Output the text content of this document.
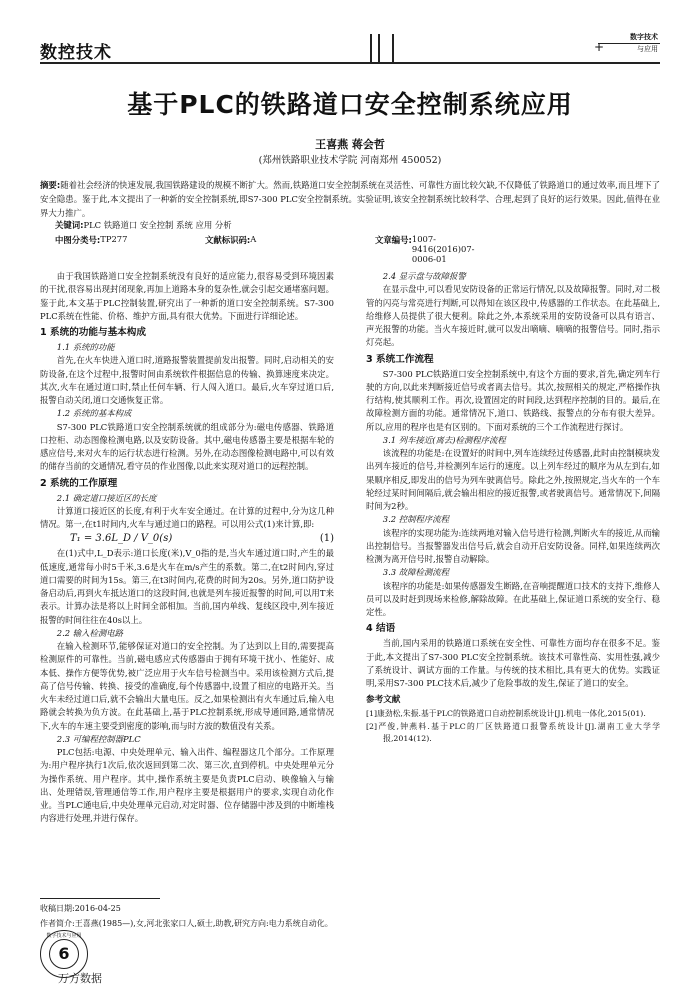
数控技术	+
数字技术
与应用
基于PLC的铁路道口安全控制系统应用
王喜燕 蒋会哲
(郑州铁路职业技术学院 河南郑州 450052)
摘要:随着社会经济的快速发展,我国铁路建设的规模不断扩大。然而,铁路道口安全控制系统在灵活性、可靠性方面比较欠缺,不仅降低了铁路道口的通过效率,而且埋下了安全隐患。鉴于此,本文提出了一种新的安全控制系统,即S7-300 PLC安全控制系统。实验证明,该安全控制系统比较科学、合理,起到了良好的运行效果。因此,值得在业界大力推广。
关键词:PLC 铁路道口 安全控制 系统 应用 分析
中图分类号: TP277	文献标识码: A	文章编号: 1007-9416(2016)07-0006-01

由于我国铁路道口安全控制系统没有良好的适应能力,很容易受到环境因素的干扰,很容易出现封闭现象,再加上道路本身的复杂性,就会引起交通堵塞问题。鉴于此,本文基于PLC控制装置,研究出了一种新的道口安全控制系统。S7-300 PLC系统在性能、价格、维护方面,具有很大优势。下面进行详细论述。

1 系统的功能与基本构成
1.1 系统的功能

首先,在火车快进入道口时,道路报警装置提前发出报警。同时,启动相关的安防设备,在这个过程中,报警时间由系统软件根据信息的传输、换算速度来决定。其次,火车在通过道口时,禁止任何车辆、行人闯入道口。最后,火车穿过道口后,报警自动关闭,道口交通恢复正常。

1.2 系统的基本构成

S7-300 PLC铁路道口安全控制系统就的组成部分为:磁电传感器、铁路道口控柜、动态图像检测电路,以及安防设备。其中,磁电传感器主要是根据车轮的感应信号,来对火车的运行状态进行检测。另外,在动态图像检测电路中,可以有效的储存当前的交通情况,看守员的作业图像,以此来实现对道口的远程控制。

2 系统的工作原理
2.1 确定道口接近区的长度

计算道口接近区的长度,有利于火车安全通过。在计算的过程中,分为这几种情况。第一,在t1时间内,火车与通过道口的路程。可以用公式(1)来计算,即:

T₁ = 3.6L_D / V_0(s)	(1)

在(1)式中,L_D表示:道口长度(米),V_0指的是,当火车通过道口时,产生的最低速度,通常每小时5千米,3.6是火车在m/s产生的系数。第二,在t2时间内,穿过道口需要的时间为15s。第三,在t3时间内,花费的时间为20s。另外,道口防护设备启动后,再到火车抵达道口的这段时间,也就是列车接近报警的时间,可以用T来表示。计算办法是将以上时间全部相加。当前,国内单线、复线区段中,列车接近报警的时间往往在40s以上。

2.2 输入检测电路

在输入检测环节,能够保证对道口的安全控制。为了达到以上目的,需要提高检测原件的可靠性。当前,磁电感应式传感器由于拥有环境干扰小、性能好、成本低、操作方便等优势,被广泛应用于火车信号检测当中。采用该检测方式后,提高了信号传输、转换、接受的准确度,每个传感器中,设置了相应的电路开关。当火车未经过道口后,就不会输出大量电压。反之,如果检测出有火车通过后,输入电路就会转换为负方波。在此基础上,基于PLC控制系统,形成导通回路,通常情况下,火车的车速主要受到密度的影响,而与时方波的数值没有关系。

2.3 可编程控制器PLC

PLC包括:电源、中央处理单元、输入出件、编程器这几个部分。工作原理为:用户程序执行1次后,依次返回到第二次、第三次,直到停机。中央处理单元分为操作系统、用户程序。其中,操作系统主要是负责PLC启动、映像输入与输出、处理错误,管理通信等工作,用户程序主要是根据用户的要求,实现自动化作业。当PLC通电后,中央处理单元启动,对定时器、位存储器中涉及到的中断堆栈内容进行处理,并进行保存。

2.4 显示盘与故障报警

在显示盘中,可以看见安防设备的正常运行情况,以及故障报警。同时,对二极管的闪亮与常亮进行判断,可以得知在该区段中,传感器的工作状态。在此基础上,给维修人员提供了很大便利。除此之外,本系统采用的安防设备可以具有语言、声光报警的功能。当火车接近时,就可以发出嘀嘀、嘀嘀的报警信号。同时,指示灯亮起。

3 系统工作流程

S7-300 PLC铁路道口安全控制系统中,有这个方面的要求,首先,确定列车行驶的方向,以此来判断接近信号或者离去信号。其次,按照相关的规定,严格操作执行结构,使其顺利工作。再次,设置固定的时间段,达到程序控制的目的。最后,在故障检测方面的功能。通常情况下,道口、铁路线、报警点的分布有很大差异。所以,应用的程序也是有区别的。下面对系统的三个工作流程进行探讨。

3.1 列车接近(离去)检测程序流程

该流程的功能是:在设置好的时间中,列车连续经过传感器,此时由控制模块发出列车接近的信号,并检测列车运行的速度。以上列车经过的顺序为从左到右,如果顺序相反,即发出的信号为列车驶离信号。除此之外,按照规定,当火车的一个车轮经过某时间间隔后,就会输出相应的接近报警,或者驶离信号。通常情况下,间隔时间为2秒。

3.2 控制程序流程

该程序的实现功能为:连续两地对输入信号进行检测,判断火车的接近,从而输出控制信号。当报警器发出信号后,就会自动开启安防设备。同样,如果连续两次检测为离开信号时,报警自动解除。

3.3 故障检测流程

该程序的功能是:如果传感器发生断路,在音响提醒道口技术的支持下,维修人员可以及时赶到现场来检修,解除故障。在此基础上,保证道口系统的安全行、稳定性。

4 结语

当前,国内采用的铁路道口系统在安全性、可靠性方面均存在很多不足。鉴于此,本文提出了S7-300 PLC安全控制系统。该技术可靠性高、实用性强,减少了系统设计、调试方面的工作量。与传统的技术相比,具有更大的优势。实践证明,采用S7-300 PLC技术后,减少了危险事故的发生,保证了道口的安全。

参考文献
[1]康劲松,朱振.基于PLC的铁路道口自动控制系统设计[J].机电一体化,2015(01).
[2]严俊,钟燕料.基于PLC的厂区铁路道口报警系统设计[J].湖南工业大学学报,2014(12).
收稿日期:2016-04-25
作者简介:王喜燕(1985—),女,河北张家口人,硕士,助教,研究方向:电力系统自动化。
数字技术与应用
6
万方数据
